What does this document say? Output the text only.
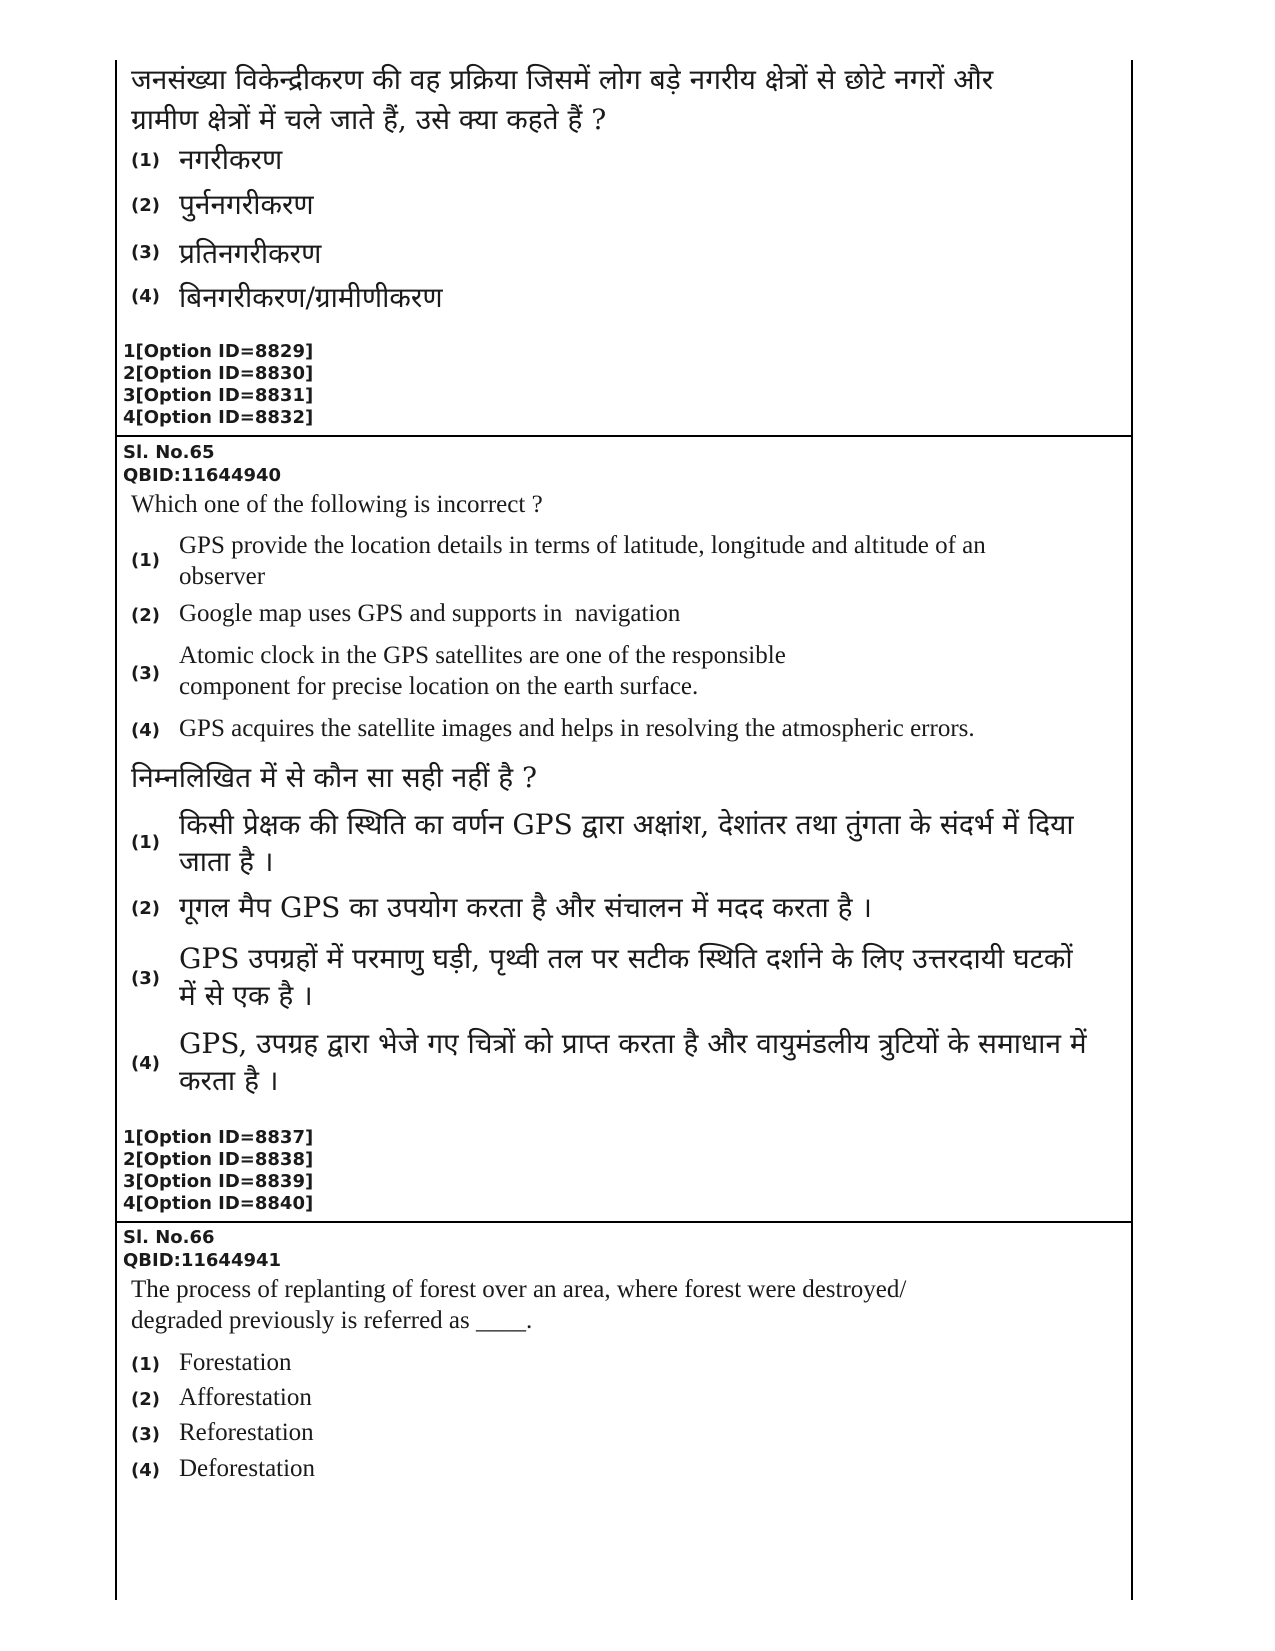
जनसंख्या विकेन्द्रीकरण की वह प्रक्रिया जिसमें लोग बड़े नगरीय क्षेत्रों से छोटे नगरों और ग्रामीण क्षेत्रों में चले जाते हैं, उसे क्या कहते हैं ?

(1) नगरीकरण
(2) पुर्ननगरीकरण
(3) प्रतिनगरीकरण
(4) बिनगरीकरण/ग्रामीणीकरण

1[Option ID=8829]

2[Option ID=8830]

3[Option ID=8831]

4[Option ID=8832]

Sl. No.65

QBID:11644940

Which one of the following is incorrect ?

(1)
GPS provide the location details in terms of latitude, longitude and altitude of an observer
(2) Google map uses GPS and supports in  navigation
(3)
Atomic clock in the GPS satellites are one of the responsible component for precise location on the earth surface.
(4) GPS acquires the satellite images and helps in resolving the atmospheric errors.

निम्नलिखित में से कौन सा सही नहीं है ?

(1)
किसी प्रेक्षक की स्थिति का वर्णन GPS द्वारा अक्षांश, देशांतर तथा तुंगता के संदर्भ में दिया जाता है ।
(2) गूगल मैप GPS का उपयोग करता है और संचालन में मदद करता है ।
(3)
GPS उपग्रहों में परमाणु घड़ी, पृथ्वी तल पर सटीक स्थिति दर्शाने के लिए उत्तरदायी घटकों में से एक है ।
(4)
GPS, उपग्रह द्वारा भेजे गए चित्रों को प्राप्त करता है और वायुमंडलीय त्रुटियों के समाधान में करता है ।

1[Option ID=8837]

2[Option ID=8838]

3[Option ID=8839]

4[Option ID=8840]

Sl. No.66

QBID:11644941

The process of replanting of forest over an area, where forest were destroyed/ degraded previously is referred as ____.

(1) Forestation
(2) Afforestation
(3) Reforestation
(4) Deforestation
